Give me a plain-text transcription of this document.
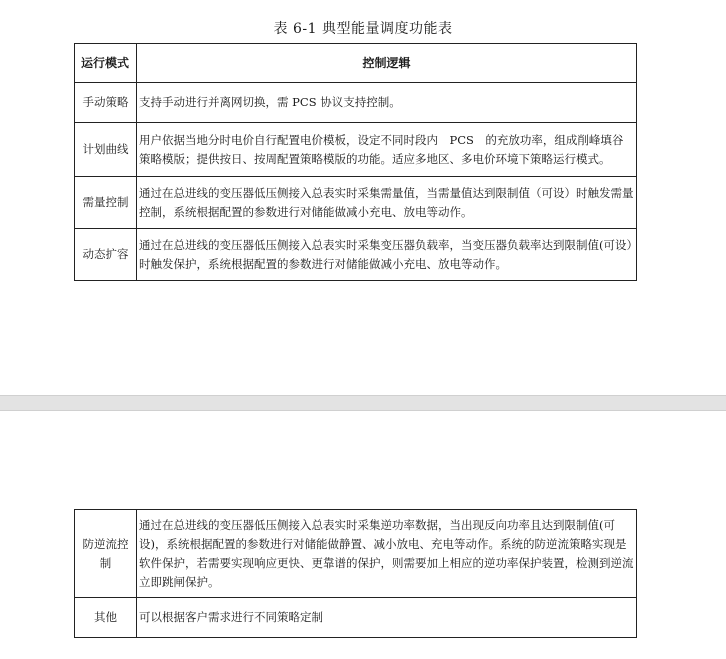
表 6-1 典型能量调度功能表
运行模式	控制逻辑
手动策略	支持手动进行并离网切换，需 PCS 协议支持控制。
计划曲线	用户依据当地分时电价自行配置电价模板，设定不同时段内　PCS　的充放功率，组成削峰填谷策略模版；提供按日、按周配置策略模版的功能。适应多地区、多电价环境下策略运行模式。
需量控制	通过在总进线的变压器低压侧接入总表实时采集需量值，当需量值达到限制值（可设）时触发需量控制，系统根据配置的参数进行对储能做减小充电、放电等动作。
动态扩容	通过在总进线的变压器低压侧接入总表实时采集变压器负载率，当变压器负载率达到限制值(可设）时触发保护，系统根据配置的参数进行对储能做减小充电、放电等动作。
防逆流控制	通过在总进线的变压器低压侧接入总表实时采集逆功率数据，当出现反向功率且达到限制值(可设)，系统根据配置的参数进行对储能做静置、减小放电、充电等动作。系统的防逆流策略实现是软件保护，若需要实现响应更快、更靠谱的保护，则需要加上相应的逆功率保护装置，检测到逆流立即跳闸保护。
其他	可以根据客户需求进行不同策略定制
